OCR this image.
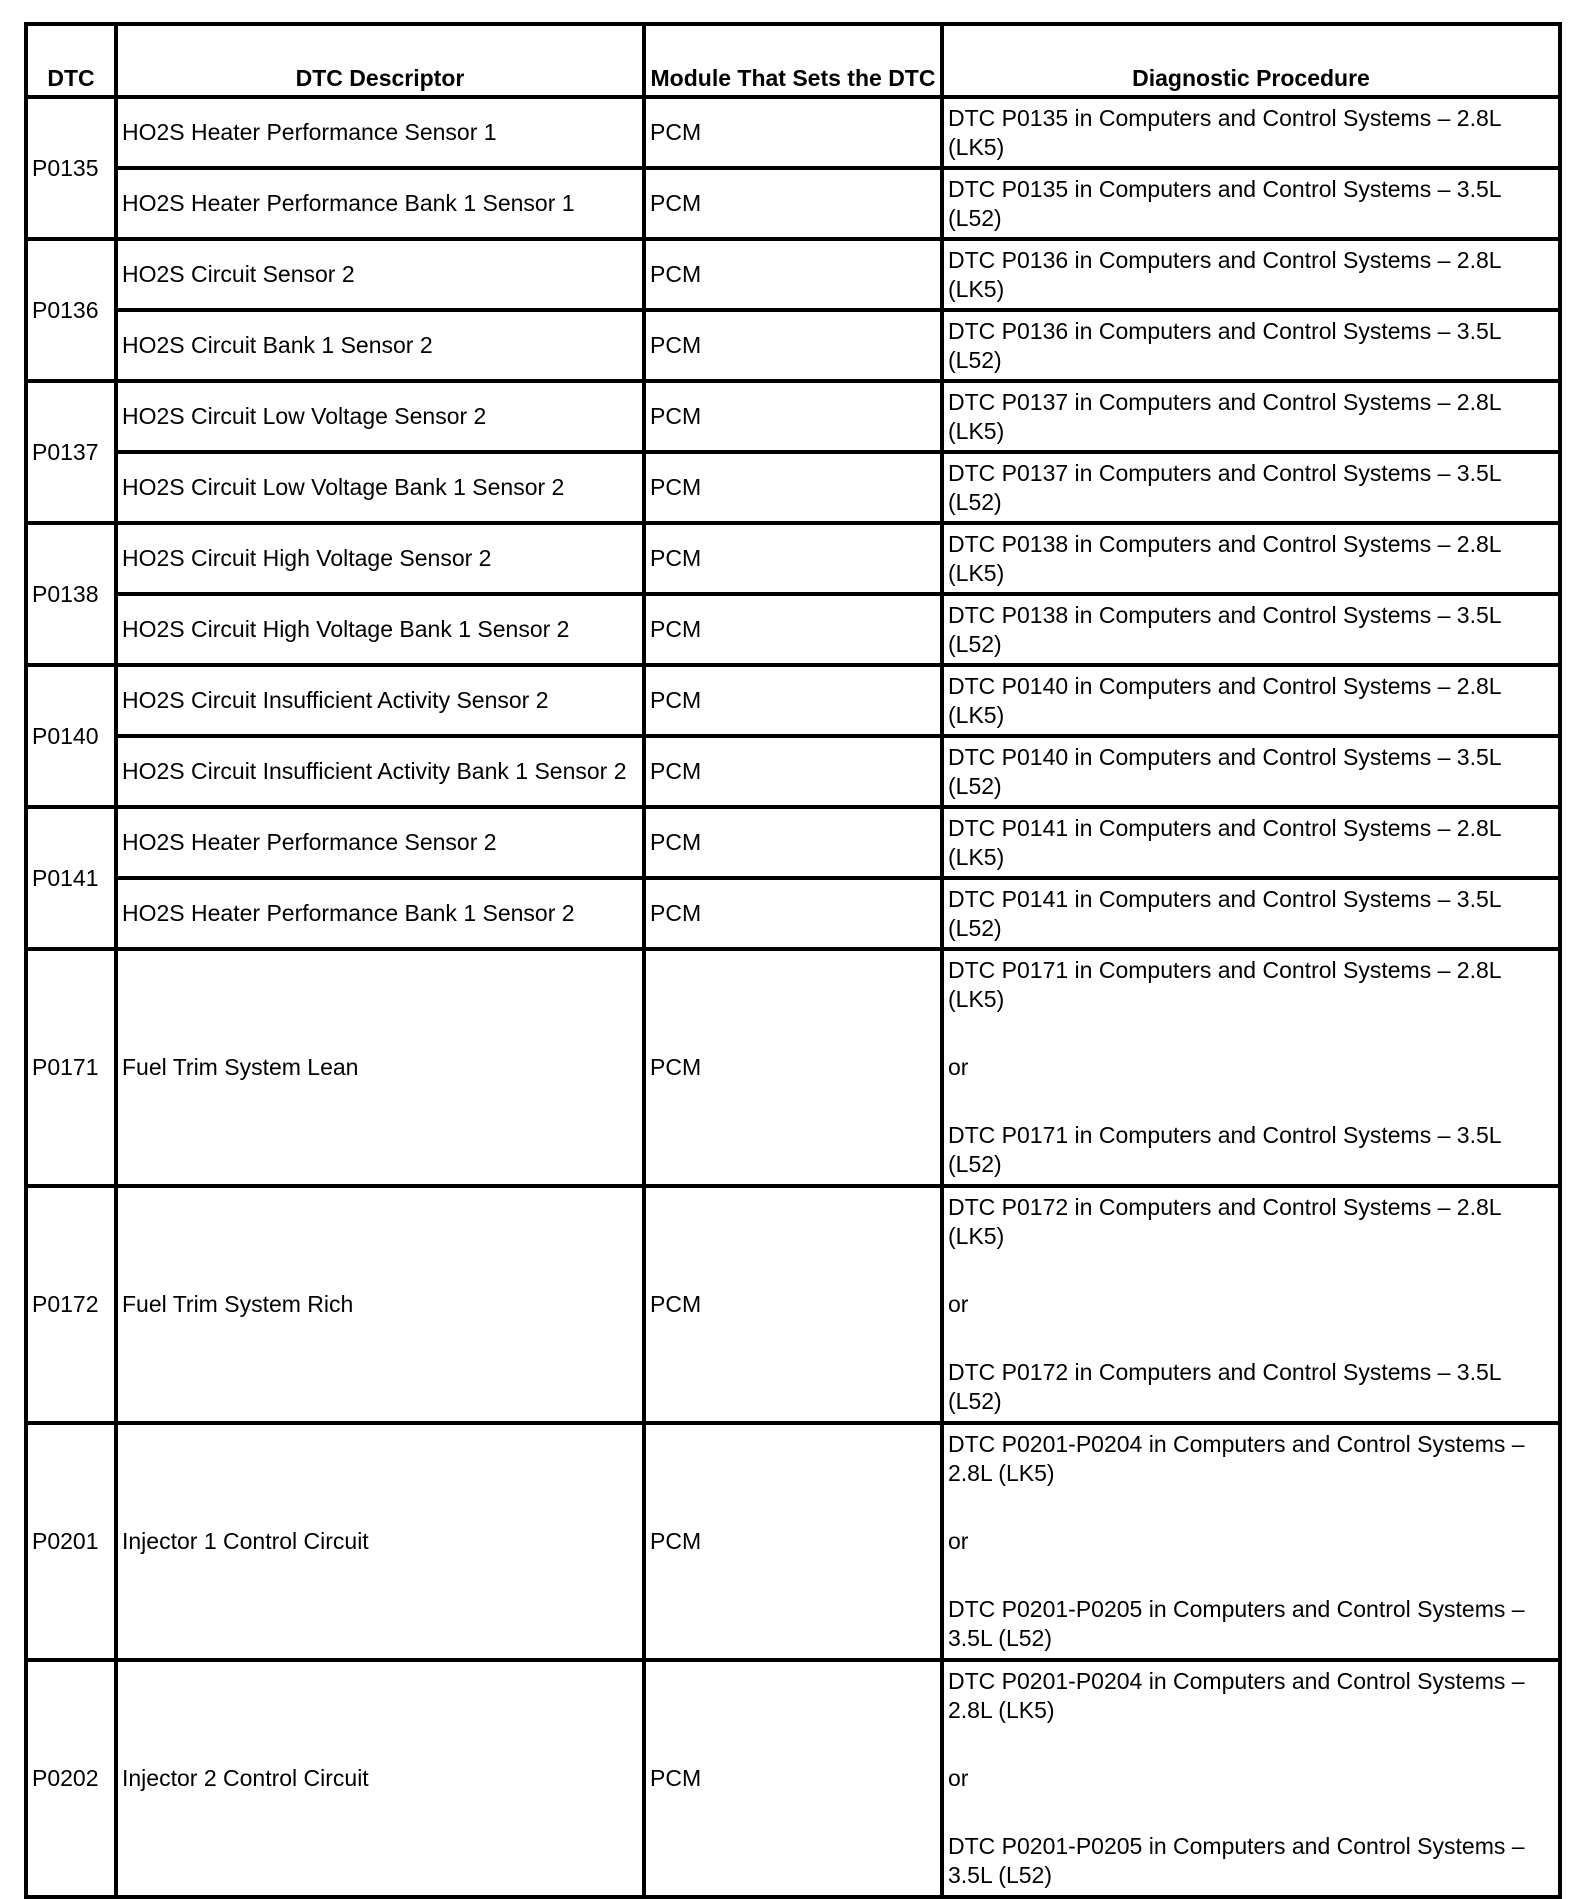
DTC	DTC Descriptor	Module That Sets the DTC	Diagnostic Procedure
P0135	HO2S Heater Performance Sensor 1	PCM	DTC P0135 in Computers and Control Systems – 2.8L (LK5)
	HO2S Heater Performance Bank 1 Sensor 1	PCM	DTC P0135 in Computers and Control Systems – 3.5L (L52)
P0136	HO2S Circuit Sensor 2	PCM	DTC P0136 in Computers and Control Systems – 2.8L (LK5)
	HO2S Circuit Bank 1 Sensor 2	PCM	DTC P0136 in Computers and Control Systems – 3.5L (L52)
P0137	HO2S Circuit Low Voltage Sensor 2	PCM	DTC P0137 in Computers and Control Systems – 2.8L (LK5)
	HO2S Circuit Low Voltage Bank 1 Sensor 2	PCM	DTC P0137 in Computers and Control Systems – 3.5L (L52)
P0138	HO2S Circuit High Voltage Sensor 2	PCM	DTC P0138 in Computers and Control Systems – 2.8L (LK5)
	HO2S Circuit High Voltage Bank 1 Sensor 2	PCM	DTC P0138 in Computers and Control Systems – 3.5L (L52)
P0140	HO2S Circuit Insufficient Activity Sensor 2	PCM	DTC P0140 in Computers and Control Systems – 2.8L (LK5)
	HO2S Circuit Insufficient Activity Bank 1 Sensor 2	PCM	DTC P0140 in Computers and Control Systems – 3.5L (L52)
P0141	HO2S Heater Performance Sensor 2	PCM	DTC P0141 in Computers and Control Systems – 2.8L (LK5)
	HO2S Heater Performance Bank 1 Sensor 2	PCM	DTC P0141 in Computers and Control Systems – 3.5L (L52)
P0171	Fuel Trim System Lean	PCM	DTC P0171 in Computers and Control Systems – 2.8L (LK5)
or
DTC P0171 in Computers and Control Systems – 3.5L (L52)

P0172	Fuel Trim System Rich	PCM	DTC P0172 in Computers and Control Systems – 2.8L (LK5)
or
DTC P0172 in Computers and Control Systems – 3.5L (L52)

P0201	Injector 1 Control Circuit	PCM	DTC P0201-P0204 in Computers and Control Systems – 2.8L (LK5)
or
DTC P0201-P0205 in Computers and Control Systems – 3.5L (L52)

P0202	Injector 2 Control Circuit	PCM	DTC P0201-P0204 in Computers and Control Systems – 2.8L (LK5)
or
DTC P0201-P0205 in Computers and Control Systems – 3.5L (L52)
